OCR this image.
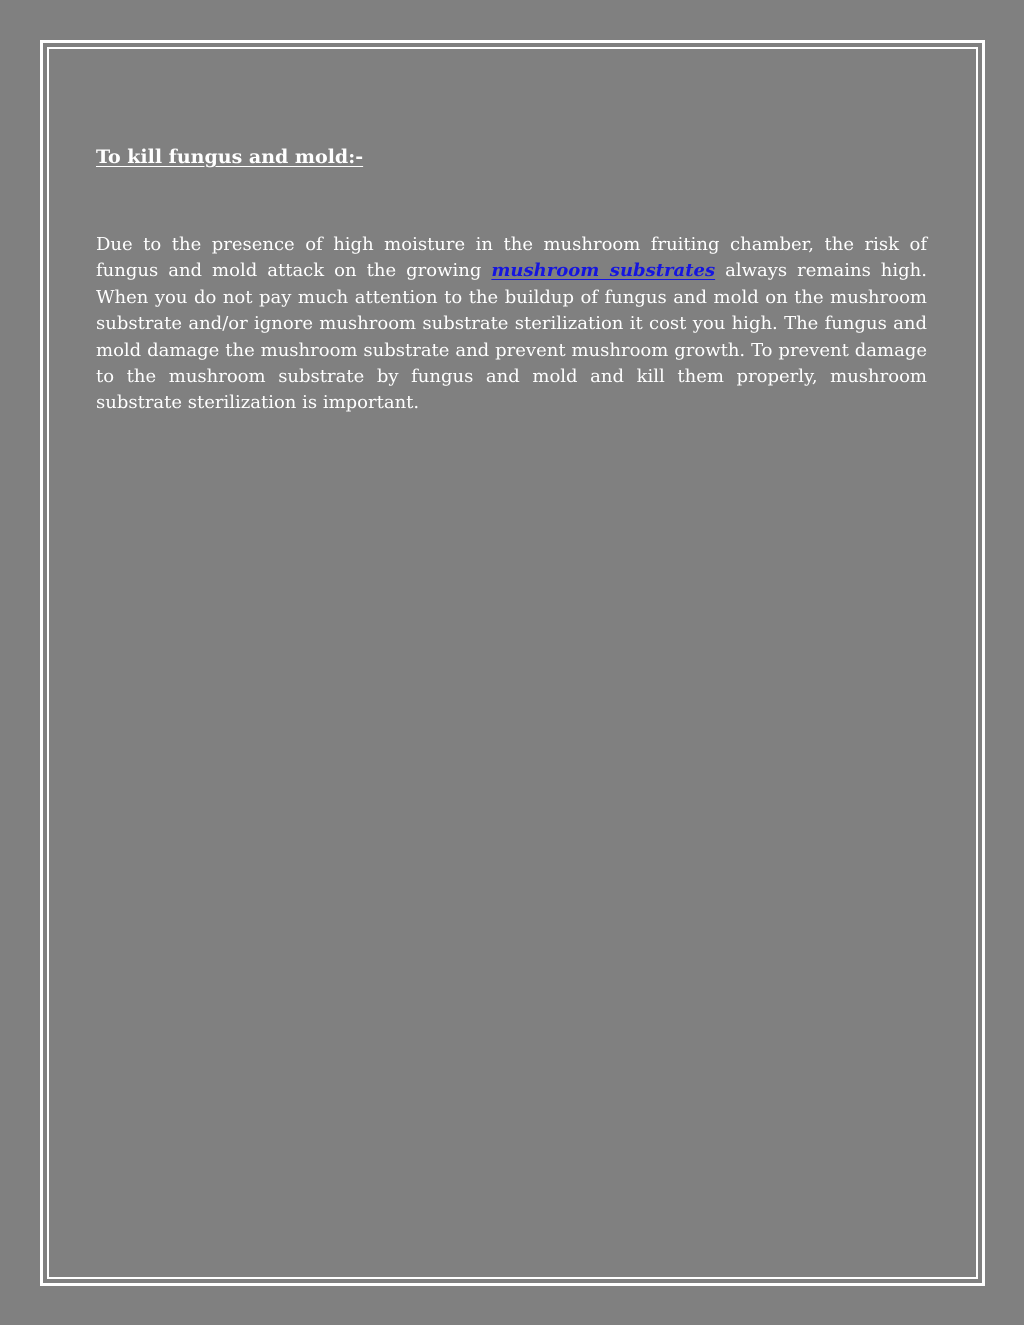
To kill fungus and mold:-

Due to the presence of high moisture in the mushroom fruiting chamber, the risk of fungus and mold attack on the growing mushroom substrates always remains high. When you do not pay much attention to the buildup of fungus and mold on the mushroom substrate and/or ignore mushroom substrate sterilization it cost you high. The fungus and mold damage the mushroom substrate and prevent mushroom growth. To prevent damage to the mushroom substrate by fungus and mold and kill them properly, mushroom substrate sterilization is important.
